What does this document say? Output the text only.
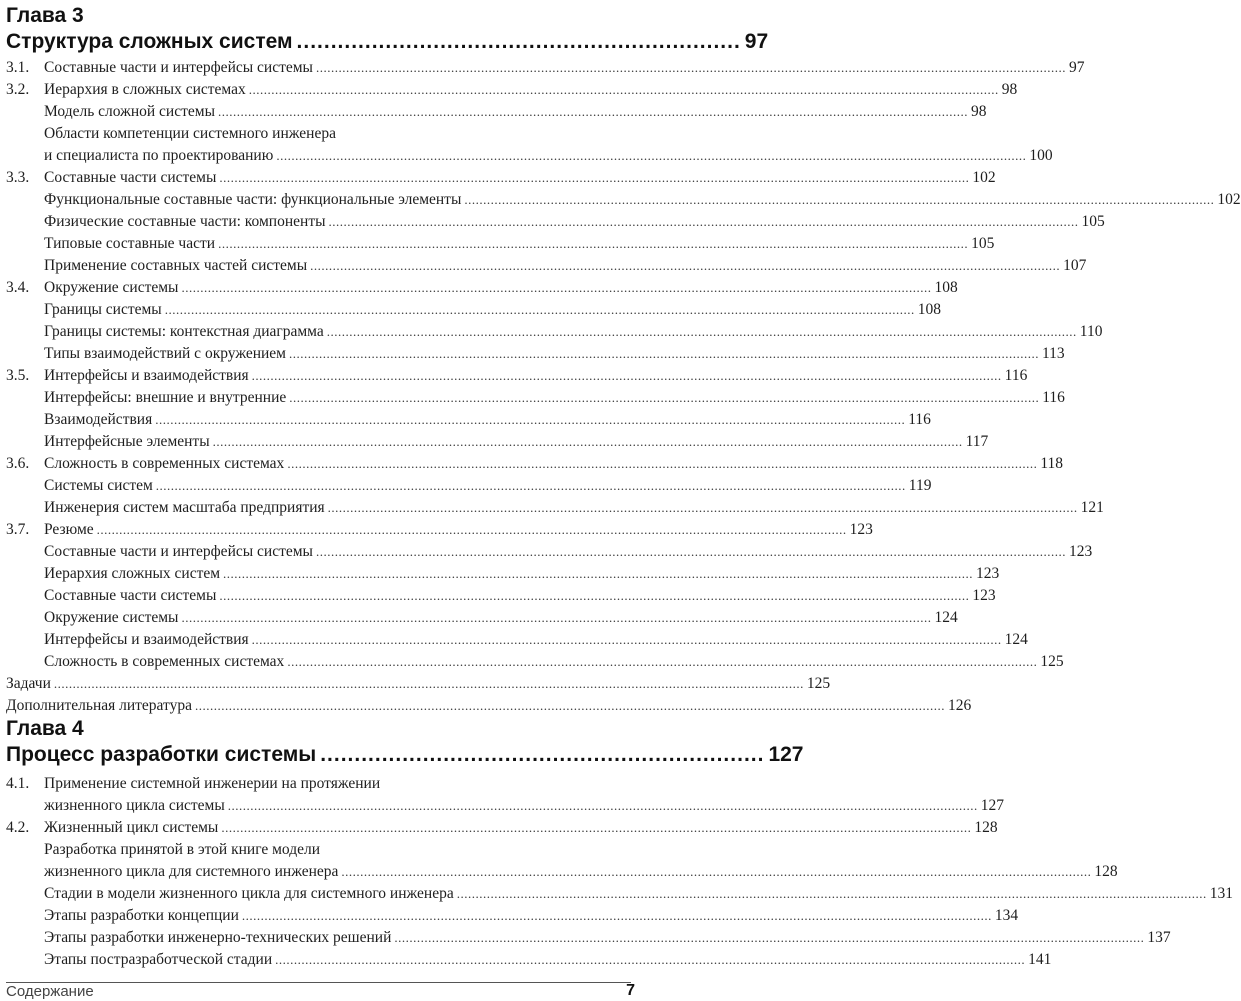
Глава 3
Структура сложных систем ................................................................. 97
3.1. Составные части и интерфейсы системы ........................................................................................................................................................................................................ 97
3.2. Иерархия в сложных системах ........................................................................................................................................................................................................ 98
Модель сложной системы ........................................................................................................................................................................................................ 98
Области компетенции системного инженера
и специалиста по проектированию ........................................................................................................................................................................................................ 100
3.3. Составные части системы ........................................................................................................................................................................................................ 102
Функциональные составные части: функциональные элементы ........................................................................................................................................................................................................ 102
Физические составные части: компоненты ........................................................................................................................................................................................................ 105
Типовые составные части ........................................................................................................................................................................................................ 105
Применение составных частей системы ........................................................................................................................................................................................................ 107
3.4. Окружение системы ........................................................................................................................................................................................................ 108
Границы системы ........................................................................................................................................................................................................ 108
Границы системы: контекстная диаграмма ........................................................................................................................................................................................................ 110
Типы взаимодействий с окружением ........................................................................................................................................................................................................ 113
3.5. Интерфейсы и взаимодействия ........................................................................................................................................................................................................ 116
Интерфейсы: внешние и внутренние ........................................................................................................................................................................................................ 116
Взаимодействия ........................................................................................................................................................................................................ 116
Интерфейсные элементы ........................................................................................................................................................................................................ 117
3.6. Сложность в современных системах ........................................................................................................................................................................................................ 118
Системы систем ........................................................................................................................................................................................................ 119
Инженерия систем масштаба предприятия ........................................................................................................................................................................................................ 121
3.7. Резюме ........................................................................................................................................................................................................ 123
Составные части и интерфейсы системы ........................................................................................................................................................................................................ 123
Иерархия сложных систем ........................................................................................................................................................................................................ 123
Составные части системы ........................................................................................................................................................................................................ 123
Окружение системы ........................................................................................................................................................................................................ 124
Интерфейсы и взаимодействия ........................................................................................................................................................................................................ 124
Сложность в современных системах ........................................................................................................................................................................................................ 125
Задачи ........................................................................................................................................................................................................ 125
Дополнительная литература ........................................................................................................................................................................................................ 126
Глава 4
Процесс разработки системы ................................................................. 127
4.1. Применение системной инженерии на протяжении
жизненного цикла системы ........................................................................................................................................................................................................ 127
4.2. Жизненный цикл системы ........................................................................................................................................................................................................ 128
Разработка принятой в этой книге модели
жизненного цикла для системного инженера ........................................................................................................................................................................................................ 128
Стадии в модели жизненного цикла для системного инженера ........................................................................................................................................................................................................ 131
Этапы разработки концепции ........................................................................................................................................................................................................ 134
Этапы разработки инженерно-технических решений ........................................................................................................................................................................................................ 137
Этапы постразработческой стадии ........................................................................................................................................................................................................ 141
Содержание	7
